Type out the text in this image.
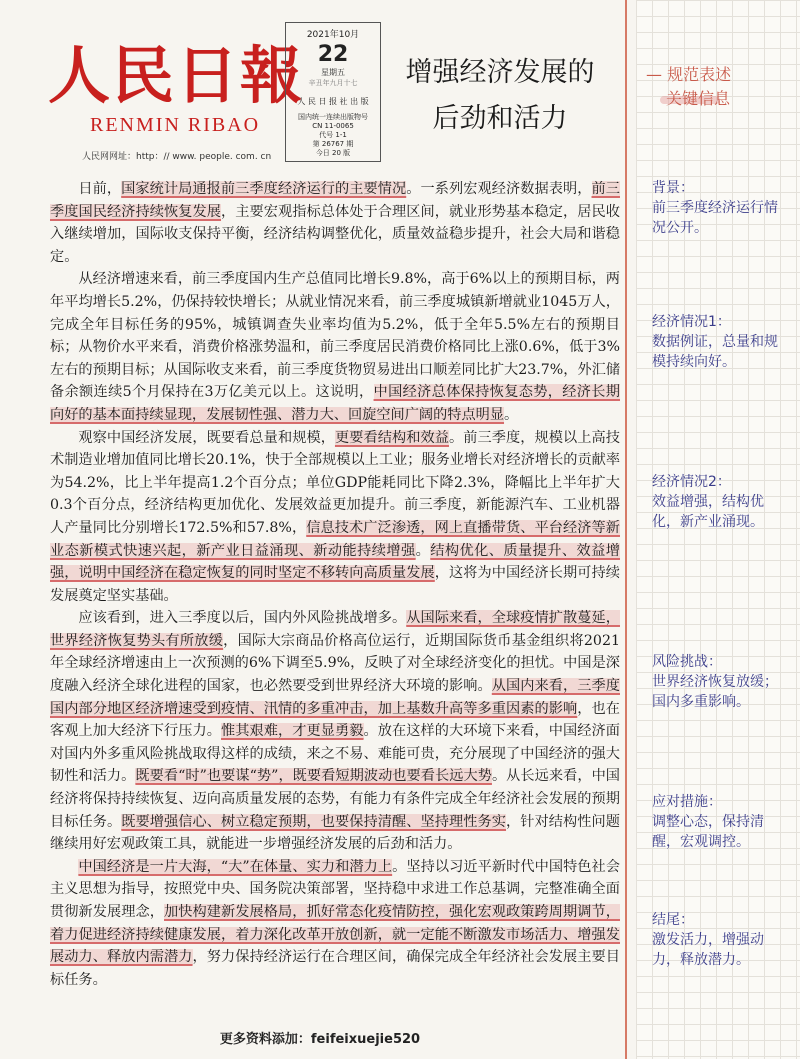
人民日報
RENMIN RIBAO
人民网网址：http：// www. people. com. cn
2021年10月
22
星期五
辛丑年九月十七
人 民 日 报 社 出 版
国内统一连续出版物号
CN 11-0065
代号 1-1
第 26767 期
今日 20 版
增强经济发展的
后劲和活力

日前，国家统计局通报前三季度经济运行的主要情况。一系列宏观经济数据表明，前三季度国民经济持续恢复发展，主要宏观指标总体处于合理区间，就业形势基本稳定，居民收入继续增加，国际收支保持平衡，经济结构调整优化，质量效益稳步提升，社会大局和谐稳定。

从经济增速来看，前三季度国内生产总值同比增长9.8%，高于6%以上的预期目标，两年平均增长5.2%，仍保持较快增长；从就业情况来看，前三季度城镇新增就业1045万人，完成全年目标任务的95%，城镇调查失业率均值为5.2%，低于全年5.5%左右的预期目标；从物价水平来看，消费价格涨势温和，前三季度居民消费价格同比上涨0.6%，低于3%左右的预期目标；从国际收支来看，前三季度货物贸易进出口顺差同比扩大23.7%，外汇储备余额连续5个月保持在3万亿美元以上。这说明，中国经济总体保持恢复态势，经济长期向好的基本面持续显现，发展韧性强、潜力大、回旋空间广阔的特点明显。

观察中国经济发展，既要看总量和规模，更要看结构和效益。前三季度，规模以上高技术制造业增加值同比增长20.1%，快于全部规模以上工业；服务业增长对经济增长的贡献率为54.2%，比上半年提高1.2个百分点；单位GDP能耗同比下降2.3%，降幅比上半年扩大0.3个百分点，经济结构更加优化、发展效益更加提升。前三季度，新能源汽车、工业机器人产量同比分别增长172.5%和57.8%，信息技术广泛渗透，网上直播带货、平台经济等新业态新模式快速兴起，新产业日益涌现、新动能持续增强。结构优化、质量提升、效益增强，说明中国经济在稳定恢复的同时坚定不移转向高质量发展，这将为中国经济长期可持续发展奠定坚实基础。

应该看到，进入三季度以后，国内外风险挑战增多。从国际来看，全球疫情扩散蔓延，世界经济恢复势头有所放缓，国际大宗商品价格高位运行，近期国际货币基金组织将2021年全球经济增速由上一次预测的6%下调至5.9%，反映了对全球经济变化的担忧。中国是深度融入经济全球化进程的国家，也必然要受到世界经济大环境的影响。从国内来看，三季度国内部分地区经济增速受到疫情、汛情的多重冲击，加上基数升高等多重因素的影响，也在客观上加大经济下行压力。惟其艰难，才更显勇毅。放在这样的大环境下来看，中国经济面对国内外多重风险挑战取得这样的成绩，来之不易、难能可贵，充分展现了中国经济的强大韧性和活力。既要看“时”也要谋“势”，既要看短期波动也要看长远大势。从长远来看，中国经济将保持持续恢复、迈向高质量发展的态势，有能力有条件完成全年经济社会发展的预期目标任务。既要增强信心、树立稳定预期，也要保持清醒、坚持理性务实，针对结构性问题继续用好宏观政策工具，就能进一步增强经济发展的后劲和活力。

中国经济是一片大海，“大”在体量、实力和潜力上。坚持以习近平新时代中国特色社会主义思想为指导，按照党中央、国务院决策部署，坚持稳中求进工作总基调，完整准确全面贯彻新发展理念，加快构建新发展格局，抓好常态化疫情防控，强化宏观政策跨周期调节，着力促进经济持续健康发展，着力深化改革开放创新，就一定能不断激发市场活力、增强发展动力、释放内需潜力，努力保持经济运行在合理区间，确保完成全年经济社会发展主要目标任务。

更多资料添加：feifeixuejie520
— 规范表述
关键信息
背景：
前三季度经济运行情况公开。
经济情况1：
数据例证，总量和规模持续向好。
经济情况2：
效益增强，结构优化，新产业涌现。
风险挑战：
世界经济恢复放缓；国内多重影响。
应对措施：
调整心态，保持清醒，宏观调控。
结尾：
激发活力，增强动力，释放潜力。
